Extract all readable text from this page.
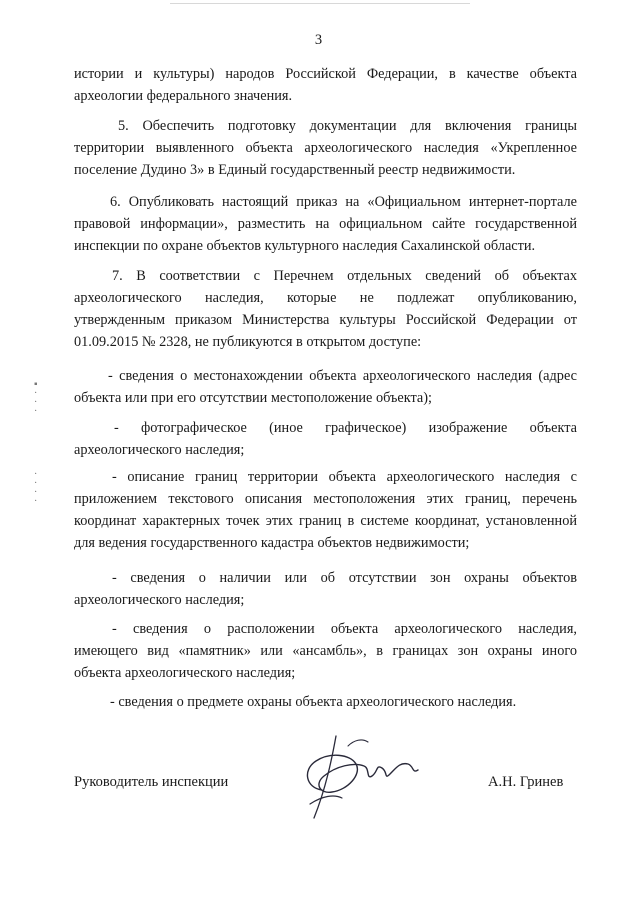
3
истории и культуры) народов Российской Федерации, в качестве объекта
археологии федерального значения.
5. Обеспечить подготовку документации для включения границы
территории выявленного объекта археологического наследия «Укрепленное
поселение Дудино 3» в Единый государственный реестр недвижимости.
6. Опубликовать настоящий приказ на «Официальном интернет-портале
правовой информации», разместить на официальном сайте государственной
инспекции по охране объектов культурного наследия Сахалинской области.
7. В соответствии с Перечнем отдельных сведений об объектах
археологического наследия, которые не подлежат опубликованию,
утвержденным приказом Министерства культуры Российской Федерации от
01.09.2015 № 2328, не публикуются в открытом доступе:
- сведения о местонахождении объекта археологического наследия (адрес
объекта или при его отсутствии местоположение объекта);
- фотографическое (иное графическое) изображение объекта
археологического наследия;
- описание границ территории объекта археологического наследия с
приложением текстового описания местоположения этих границ, перечень
координат характерных точек этих границ в системе координат, установленной
для ведения государственного кадастра объектов недвижимости;
- сведения о наличии или об отсутствии зон охраны объектов
археологического наследия;
- сведения о расположении объекта археологического наследия,
имеющего вид «памятник» или «ансамбль», в границах зон охраны иного
объекта археологического наследия;
- сведения о предмете охраны объекта археологического наследия.
▪
·
·
·
·
·
·
·
Руководитель инспекции	А.Н. Гринев
